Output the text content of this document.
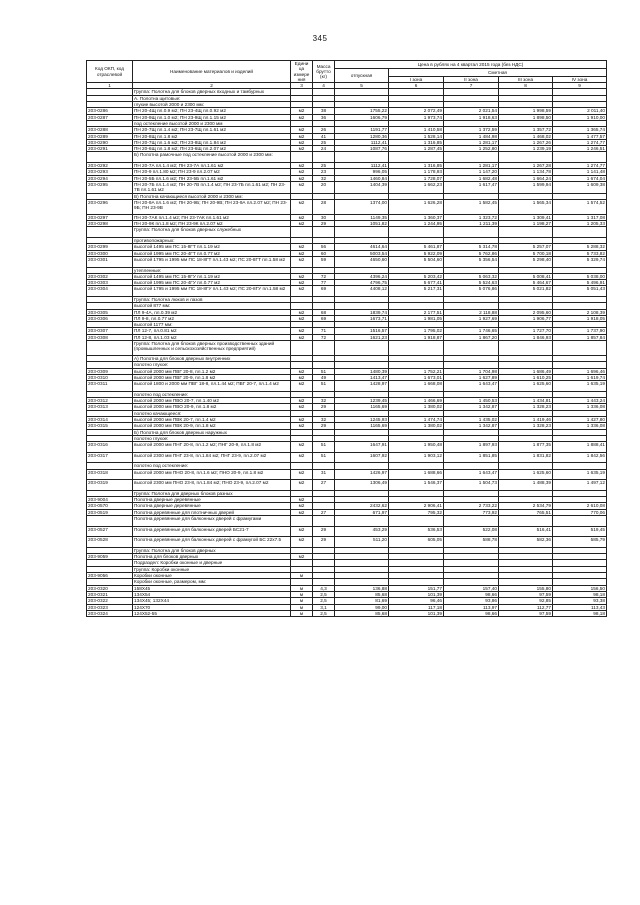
345
Код ОКП, код отраслевой	Наименование материалов и изделий	Едини ца измере ния	Масса брутто (кг)	Цена в рублях на 4 квартал 2015 года (без НДС)				
				отпускная	Сметная			
					I зона	II зона	III зона	IV зона
1	2	3	4	5	6	7	8	9
	Группа: Полотна для блоков дверных входных и тамбурных							
	А. Полотна щитовые:							
	глухие высотой 2000 и 2300 мм:							
203-0286	ПН 20-4Щ пл.0.9 м2; ПН 23-4Щ пл.0.92 м2	м2	38	1755,22	2 072,49	2 021,54	1 998,59	2 011,40
203-0287	ПН 20-9Щ пл.1.0 м2; ПН 23-9Щ пл.1.15 м2	м2	36	1606,79	1 973,74	1 918,63	1 898,50	1 910,00
	под остекление высотой 2000 и 2300 мм							
203-0288	ПН 20-7Щ пл.1.4 м2; ПН 23-7Щ пл.1.61 м2	м2	26	1191,77	1 410,58	1 372,59	1 357,72	1 365,74
203-0289	ПН 20-8Щ пл.1.8 м2	м2	41	1280,36	1 528,14	1 484,98	1 468,02	1 477,57
203-0290	ПН 20-7Щ пл.1.6 м2; ПН 23-8Щ пл.1.84 м2	м2	25	1112,41	1 316,85	1 281,17	1 267,26	1 274,77
203-0291	ПН 20-6Щ пл.1.8 м2; ПН 23-6Щ пл.2.07 м2	м2	24	1087,76	1 287,45	1 252,80	1 239,19	1 246,51
	Б) Полотна рамочные под остекление высотой 2000 и 2300 мм:							
203-0292	ПН 20-7А пл.1.4 м2; ПН 23-7А пл.1.61 м2	м2	25	1112,41	1 316,85	1 281,17	1 267,28	1 274,77
203-0293	ПН 20-9 пл.1.80 м2; ПН 23-9 пл.2.07 м2	м2	23	996,05	1 178,93	1 147,20	1 134,78	1 141,48
203-0294	ПН 20-5Б пл.1.6 м2; ПН 23-5Б пл.1.61 м2	м2	32	1460,84	1 728,07	1 682,48	1 664,24	1 674,04
203-0295	ПН 20-7Б пл.1.4 м2; ПН 20-7В пл.1.4 м2; ПН 23-7Б пл.1.61 м2; ПН 23-7В пл.1.61 м2	м2	20	1404,39	1 662,23	1 617,47	1 599,94	1 609,38
	В) Полотна качающиеся высотой 2000 и 2300 мм:							
203-0296	ПН 20-9А пл.1.6 м2; ПН 20-9Б; ПН 20-9В; ПН 23-9А пл.2.07 м2; ПН 23-9Б; ПН 23-9В	м2	28	1374,00	1 626,28	1 582,45	1 565,34	1 574,52
203-0297	ПН 20-7АК пл.1.4 м2; ПН 23-7АК пл.1.61 м2	м2	30	1149,35	1 360,37	1 323,72	1 309,41	1 317,08
203-0298	ПН 20-9К пл.1.8 м2; ПН 23-9К пл.2.07 м2	м2	29	1051,82	1 244,95	1 211,39	1 198,27	1 205,33
	Группа: Полотна для блоков дверных служебных							
	противопожарных:							
203-0299	высотой 1495 мм ПС 15-8ГТ пл.1.19 м2	м2	56	4614,64	5 461,87	5 314,78	5 257,07	5 288,32
203-0300	высотой 1995 мм ПС 20-4ГТ пл.0.77 м2	м2	60	5003,54	5 922,09	5 762,86	5 700,18	5 733,82
203-0301	высотой 1795 и 1995 мм ПС 18-8ГТ пл.1.43 м2; ПС 20-8ГТ пл.1.58 м2	м2	59	4650,60	5 504,60	5 356,54	5 298,40	5 329,74
	утепленные:							
203-0302	высотой 1495 мм ПС 15-8ГУ пл.1.19 м2	м2	72	4396,24	5 203,42	5 063,32	5 008,41	5 038,00
203-0303	высотой 1995 мм ПС 20-4ГУ пл.0.77 м2	м2	77	4796,75	5 677,41	5 524,63	5 464,67	5 496,91
203-0304	высотой 1795 и 1995 мм ПС 18-8ГУ пл.1.43 м2; ПС 20-8ГУ пл.1.58 м2	м2	69	4408,12	5 217,31	5 076,86	5 021,82	5 051,43
	Группа: Полотна люков и лазов							
	высотой 877 мм:							
203-0305	ПЛ 9-4А, пл.0.39 м2	м2	68	1839,74	2 177,51	2 118,88	2 095,60	2 108,39
203-0306	ПЛ 9-8, пл.0.77 м2	м2	69	1673,71	1 981,05	1 927,69	1 906,77	1 918,05
	высотой 1177 мм:							
203-0307	ПЛ 12-7, пл.0.81 м2	м2	71	1516,57	1 795,02	1 746,65	1 727,70	1 737,90
203-0308	ПЛ 12-8, пл.1.03 м2	м2	72	1621,23	1 918,87	1 867,20	1 846,93	1 857,84
	Группа: Полотна для блоков дверных производственных зданий (промышленных и сельскохозяйственных предприятий)							
	А) Полотна для блоков дверных внутренних							
	полотно глухое:							
203-0309	высотой 2000 мм ПВГ 20-8, пл.1.2 м2	м2	51	1480,39	1 752,21	1 704,98	1 686,49	1 696,46
203-0310	высотой 2000 мм ПВГ 20-9, пл.1.8 м2	м2	49	1413,47	1 673,01	1 627,89	1 610,25	1 619,74
203-0311	высотой 1800 и 2000 мм ПВГ 18-8, пл.1.44 м2; ПВГ 20-7, пл.1.4 м2	м2	51	1428,97	1 668,08	1 643,47	1 625,60	1 635,19
	полотно под остекление:							
203-0312	высотой 2000 мм ПВО 20-7, пл.1.40 м2	м2	32	1239,45	1 466,69	1 450,53	1 434,81	1 443,24
203-0313	высотой 2000 мм ПВО 20-9, пл.1.8 м2	м2	29	1165,69	1 380,02	1 342,87	1 328,23	1 336,08
	полотно качающееся:							
203-0314	высотой 2000 мм ПВК 20-7, пл.1.4 м2	м2	32	1245,93	1 474,74	1 435,02	1 419,46	1 427,80
203-0315	высотой 2000 мм ПВК 20-9, пл.1.8 м2	м2	29	1165,69	1 380,02	1 342,87	1 328,23	1 336,08
	Б) Полотна для блоков дверных наружных							
	полотно глухое:							
203-0316	высотой 2000 мм ПНГ 20-8, пл.1.2 м2; ПНГ 20-9, пл.1.8 м2	м2	51	1647,91	1 950,48	1 897,93	1 877,35	1 888,41
203-0317	высотой 2300 мм ПНГ 23-8, пл.1.84 м2; ПНГ 23-9, пл.2.07 м2	м2	51	1607,92	1 903,12	1 851,85	1 831,82	1 842,56
	полотно под остекление:							
203-0318	высотой 2000 мм ПНО 20-8, пл.1.6 м2; ПНО 20-9, пл.1.8 м2	м2	31	1426,97	1 688,66	1 643,47	1 625,60	1 635,19
203-0319	высотой 2300 мм ПНО 23-8, пл.1.84 м2; ПНО 23-9, пл.2.07 м2	м2	27	1306,49	1 546,37	1 504,73	1 488,39	1 497,12
	Группа: Полотна для дверных блоков разных							
203-9004	Полотна дверные деревянные	м2						
203-0570	Полотна дверные деревянные	м2		2432,62	2 906,41	2 733,22	2 534,79	2 610,08
203-0519	Полотна деревянные для плотничных дверей	м2	27	671,97	795,32	773,92	765,51	770,06
	Полотна деревянные для балконных дверей с фрамугами							
203-0527	Полотна деревянные для балконных дверей БС21-7	м2	29	453,29	536,53	522,08	516,41	519,45
203-0528	Полотна деревянные для балконных дверей с фрамугой БС 22х7.5	м2	29	511,20	605,05	588,78	582,36	585,79
	Группа: Полотна для блоков дверных							
203-9059	Полотна для блоков дверных	м2						
	Подраздел: Коробки оконные и дверные							
	Группа: Коробки оконные							
203-9056	Коробки оконные	м						
	Коробки оконные, размером, мм:							
203-0320	158Х45	м	4,3	136,88	151,77	157,40	155,80	156,50
203-0321	134Х54	м	2,5	85,68	101,39	98,66	97,59	98,18
203-0322	134Х45; 132Х44	м	2,5	81,69	96,46	93,86	92,85	93,38
203-0323	124Х70	м	3,1	99,00	117,18	113,97	112,77	113,43
203-0324	124Х52-55	м	2,5	85,68	101,39	98,66	97,59	98,18
